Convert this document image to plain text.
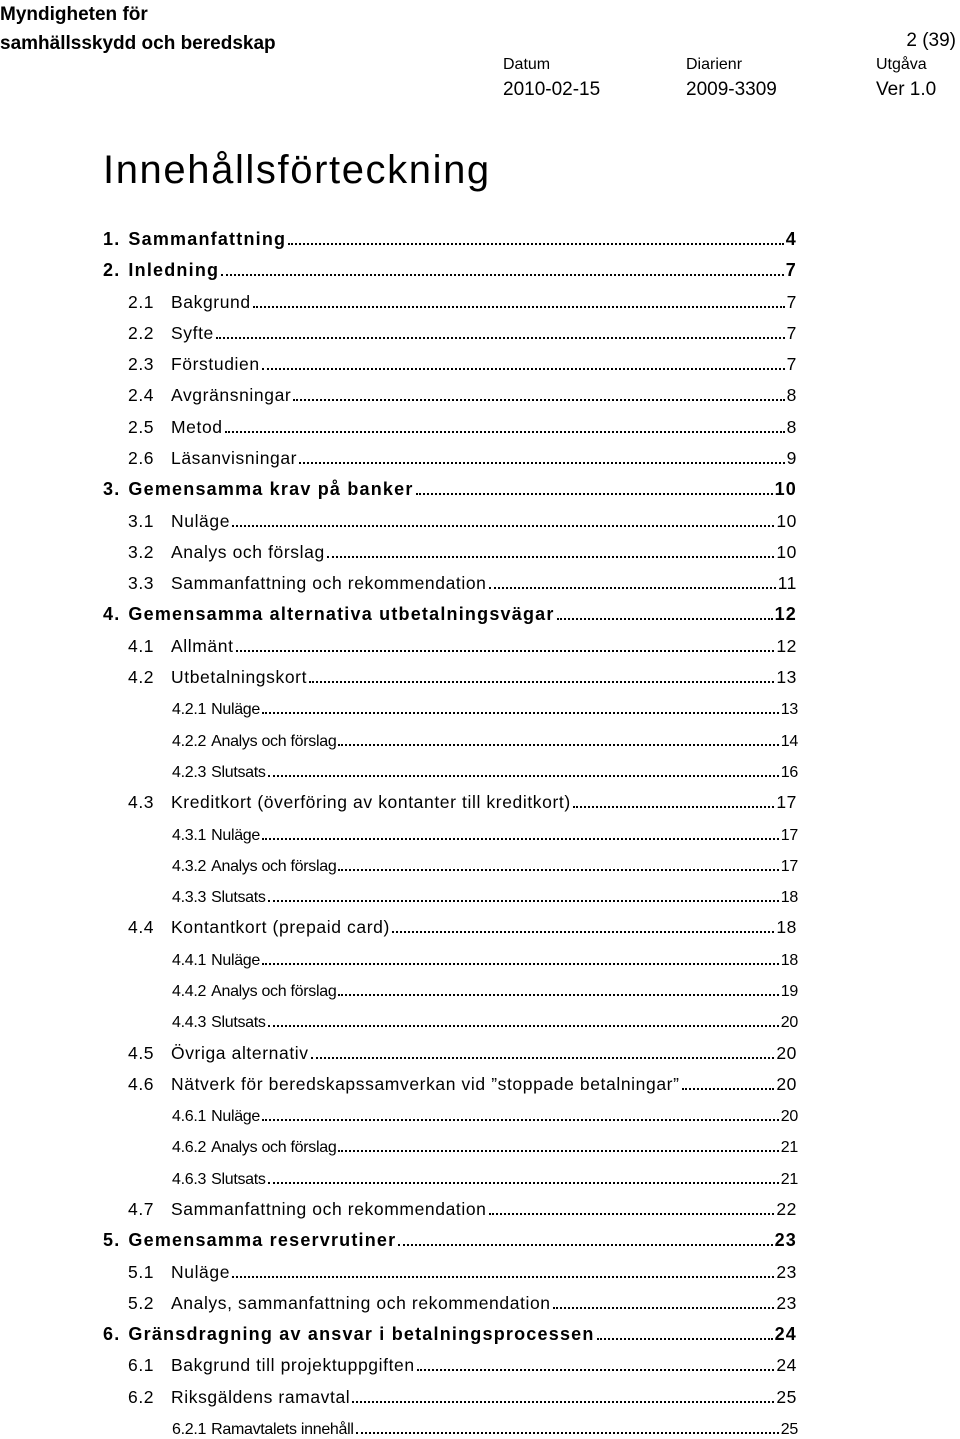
Myndigheten för
samhällsskydd och beredskap	2 (39)
Datum
2010-02-15
Diarienr
2009-3309
Utgåva
Ver 1.0
Innehållsförteckning
1. Sammanfattning	4
2. Inledning	7
2.1 Bakgrund	7
2.2 Syfte	7
2.3 Förstudien	7
2.4 Avgränsningar	8
2.5 Metod	8
2.6 Läsanvisningar	9
3. Gemensamma krav på banker	10
3.1 Nuläge	10
3.2 Analys och förslag	10
3.3 Sammanfattning och rekommendation	11
4. Gemensamma alternativa utbetalningsvägar	12
4.1 Allmänt	12
4.2 Utbetalningskort	13
4.2.1 Nuläge	13
4.2.2 Analys och förslag	14
4.2.3 Slutsats	16
4.3 Kreditkort (överföring av kontanter till kreditkort)	17
4.3.1 Nuläge	17
4.3.2 Analys och förslag	17
4.3.3 Slutsats	18
4.4 Kontantkort (prepaid card)	18
4.4.1 Nuläge	18
4.4.2 Analys och förslag	19
4.4.3 Slutsats	20
4.5 Övriga alternativ	20
4.6 Nätverk för beredskapssamverkan vid ”stoppade betalningar”	20
4.6.1 Nuläge	20
4.6.2 Analys och förslag	21
4.6.3 Slutsats	21
4.7 Sammanfattning och rekommendation	22
5. Gemensamma reservrutiner	23
5.1 Nuläge	23
5.2 Analys, sammanfattning och rekommendation	23
6. Gränsdragning av ansvar i betalningsprocessen	24
6.1 Bakgrund till projektuppgiften	24
6.2 Riksgäldens ramavtal	25
6.2.1 Ramavtalets innehåll	25
